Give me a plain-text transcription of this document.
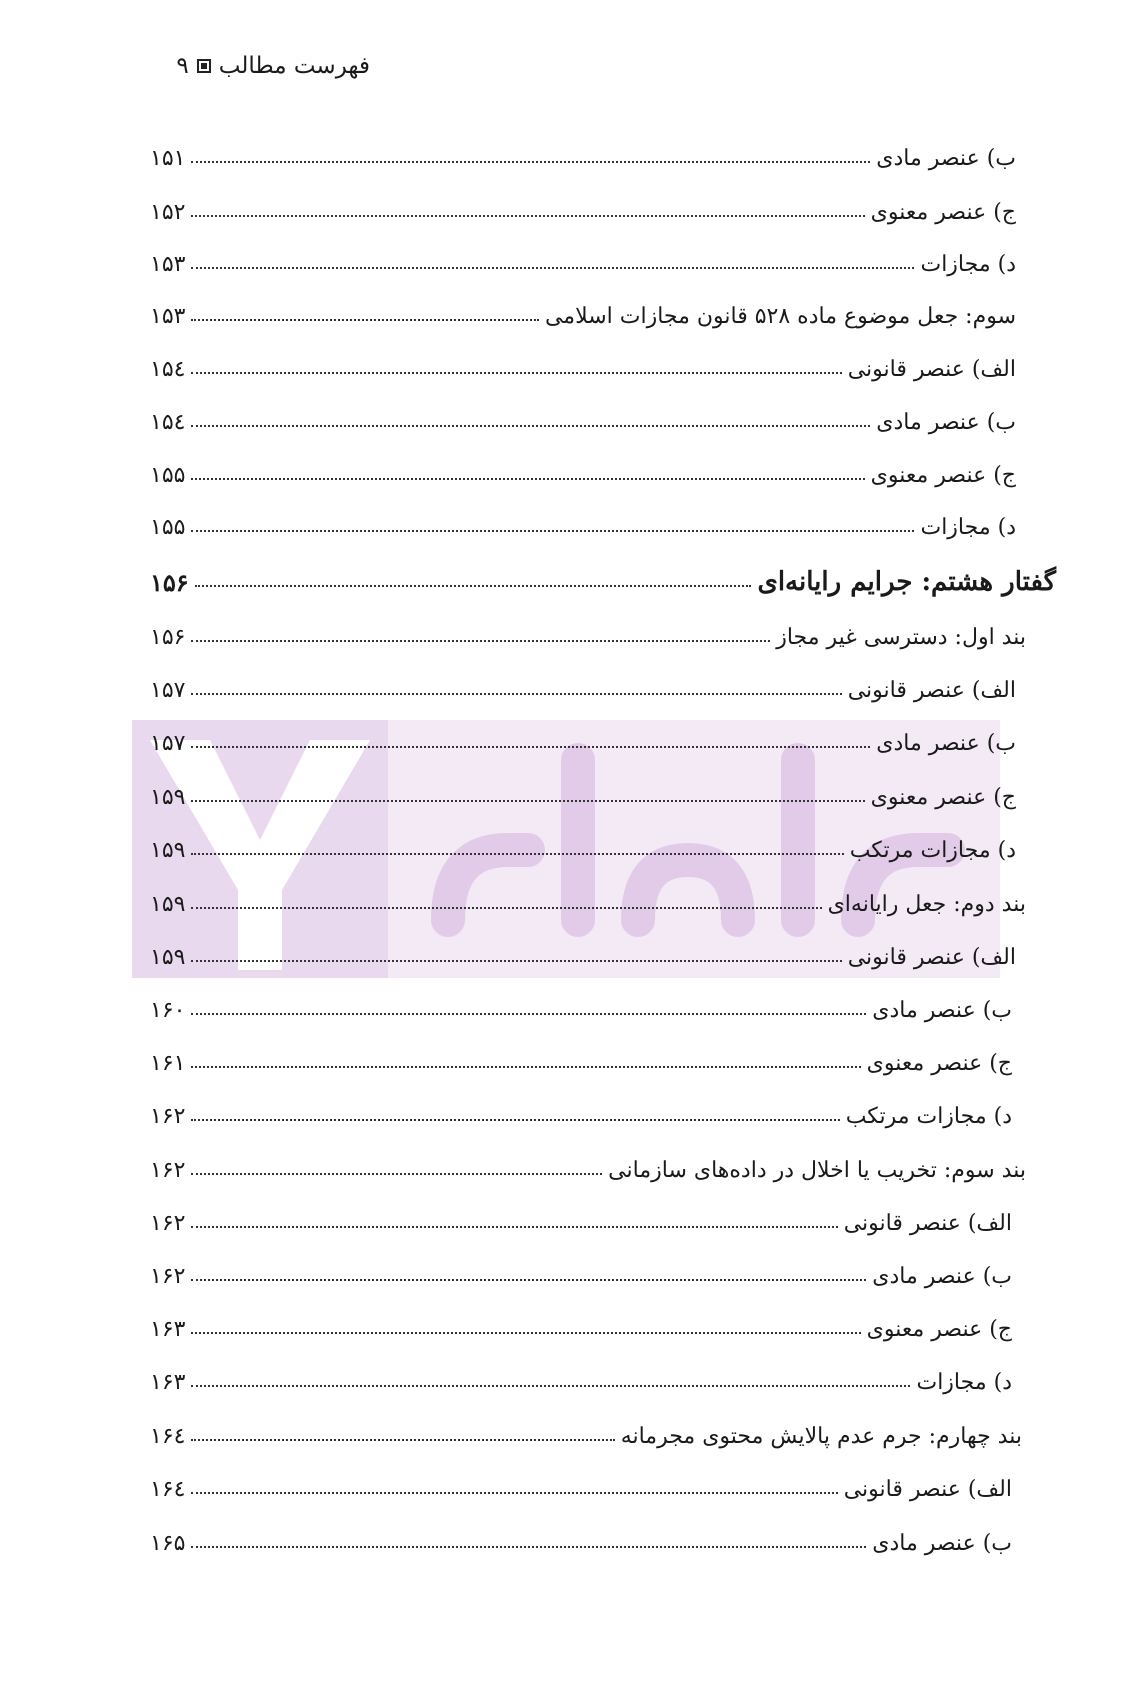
فهرست مطالب
۹
ب) عنصر مادی
۱۵۱
ج) عنصر معنوی
۱۵۲
د) مجازات
۱۵۳
سوم: جعل موضوع ماده ۵۲۸ قانون مجازات اسلامی
۱۵۳
الف) عنصر قانونی
۱۵٤
ب) عنصر مادی
۱۵٤
ج) عنصر معنوی
۱۵۵
د) مجازات
۱۵۵
گفتار هشتم: جرایم رایانه‌ای
۱۵۶
بند اول: دسترسی غیر مجاز
۱۵۶
الف) عنصر قانونی
۱۵۷
ب) عنصر مادی
۱۵۷
ج) عنصر معنوی
۱۵۹
د) مجازات مرتکب
۱۵۹
بند دوم: جعل رایانه‌ای
۱۵۹
الف) عنصر قانونی
۱۵۹
ب) عنصر مادی
۱۶۰
ج) عنصر معنوی
۱۶۱
د) مجازات مرتکب
۱۶۲
بند سوم: تخریب یا اخلال در داده‌های سازمانی
۱۶۲
الف) عنصر قانونی
۱۶۲
ب) عنصر مادی
۱۶۲
ج) عنصر معنوی
۱۶۳
د) مجازات
۱۶۳
بند چهارم: جرم عدم پالایش محتوی مجرمانه
۱۶٤
الف) عنصر قانونی
۱۶٤
ب) عنصر مادی
۱۶۵
